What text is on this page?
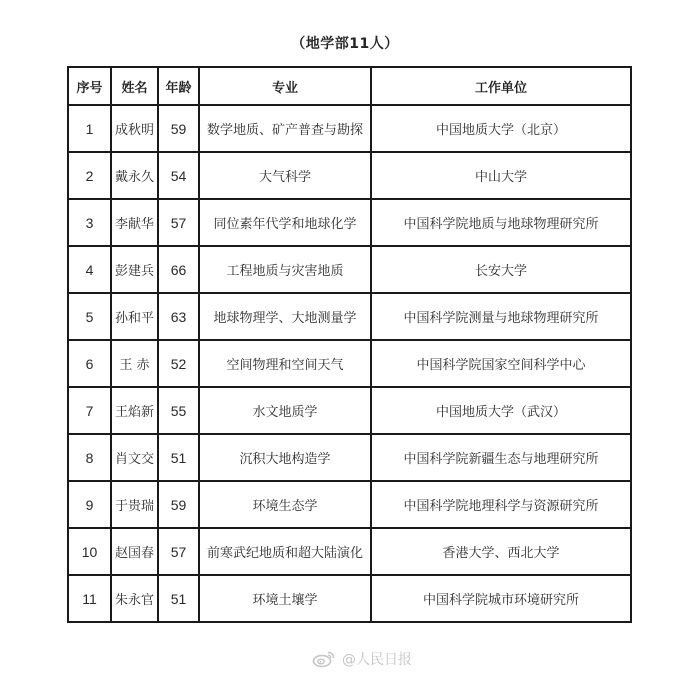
（地学部11人）
序号	姓名	年龄	专业	工作单位
1	成秋明	59	数学地质、矿产普查与勘探	中国地质大学（北京）
2	戴永久	54	大气科学	中山大学
3	李献华	57	同位素年代学和地球化学	中国科学院地质与地球物理研究所
4	彭建兵	66	工程地质与灾害地质	长安大学
5	孙和平	63	地球物理学、大地测量学	中国科学院测量与地球物理研究所
6	王 赤	52	空间物理和空间天气	中国科学院国家空间科学中心
7	王焰新	55	水文地质学	中国地质大学（武汉）
8	肖文交	51	沉积大地构造学	中国科学院新疆生态与地理研究所
9	于贵瑞	59	环境生态学	中国科学院地理科学与资源研究所
10	赵国春	57	前寒武纪地质和超大陆演化	香港大学、西北大学
11	朱永官	51	环境土壤学	中国科学院城市环境研究所
@人民日报
